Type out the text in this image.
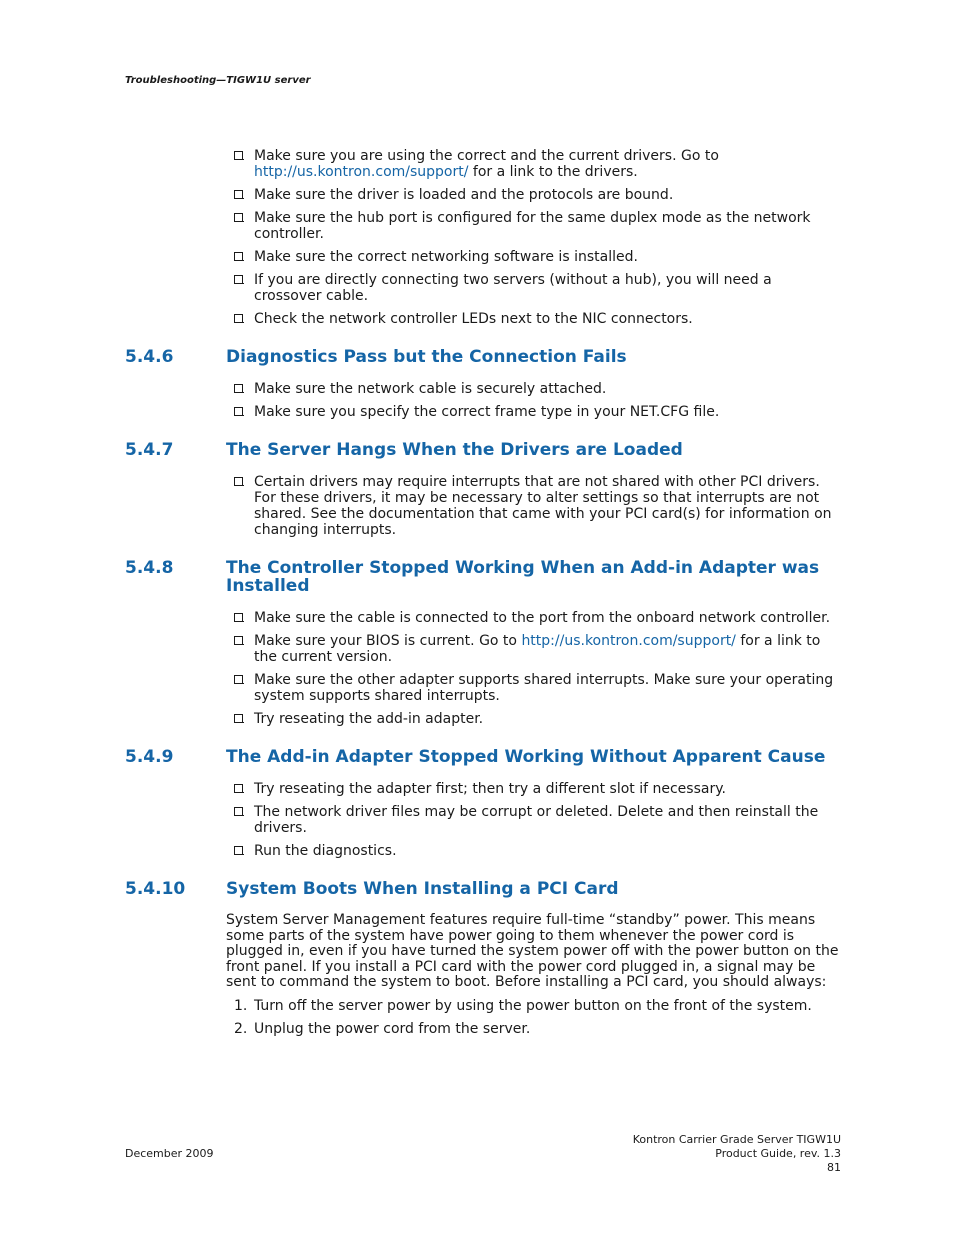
Troubleshooting—TIGW1U server
Make sure you are using the correct and the current drivers. Go to http://us.kontron.com/support/ for a link to the drivers.
Make sure the driver is loaded and the protocols are bound.
Make sure the hub port is configured for the same duplex mode as the network controller.
Make sure the correct networking software is installed.
If you are directly connecting two servers (without a hub), you will need a crossover cable.
Check the network controller LEDs next to the NIC connectors.
5.4.6	Diagnostics Pass but the Connection Fails
Make sure the network cable is securely attached.
Make sure you specify the correct frame type in your NET.CFG file.
5.4.7	The Server Hangs When the Drivers are Loaded
Certain drivers may require interrupts that are not shared with other PCI drivers. For these drivers, it may be necessary to alter settings so that interrupts are not shared. See the documentation that came with your PCI card(s) for information on changing interrupts.
5.4.8	The Controller Stopped Working When an Add-in Adapter was Installed
Make sure the cable is connected to the port from the onboard network controller.
Make sure your BIOS is current. Go to http://us.kontron.com/support/ for a link to the current version.
Make sure the other adapter supports shared interrupts. Make sure your operating system supports shared interrupts.
Try reseating the add-in adapter.
5.4.9	The Add-in Adapter Stopped Working Without Apparent Cause
Try reseating the adapter first; then try a different slot if necessary.
The network driver files may be corrupt or deleted. Delete and then reinstall the drivers.
Run the diagnostics.
5.4.10	System Boots When Installing a PCI Card

System Server Management features require full-time “standby” power. This means some parts of the system have power going to them whenever the power cord is plugged in, even if you have turned the system power off with the power button on the front panel. If you install a PCI card with the power cord plugged in, a signal may be sent to command the system to boot. Before installing a PCI card, you should always:

1. Turn off the server power by using the power button on the front of the system.
2. Unplug the power cord from the server.
December 2009
Kontron Carrier Grade Server TIGW1U
Product Guide, rev. 1.3
81
